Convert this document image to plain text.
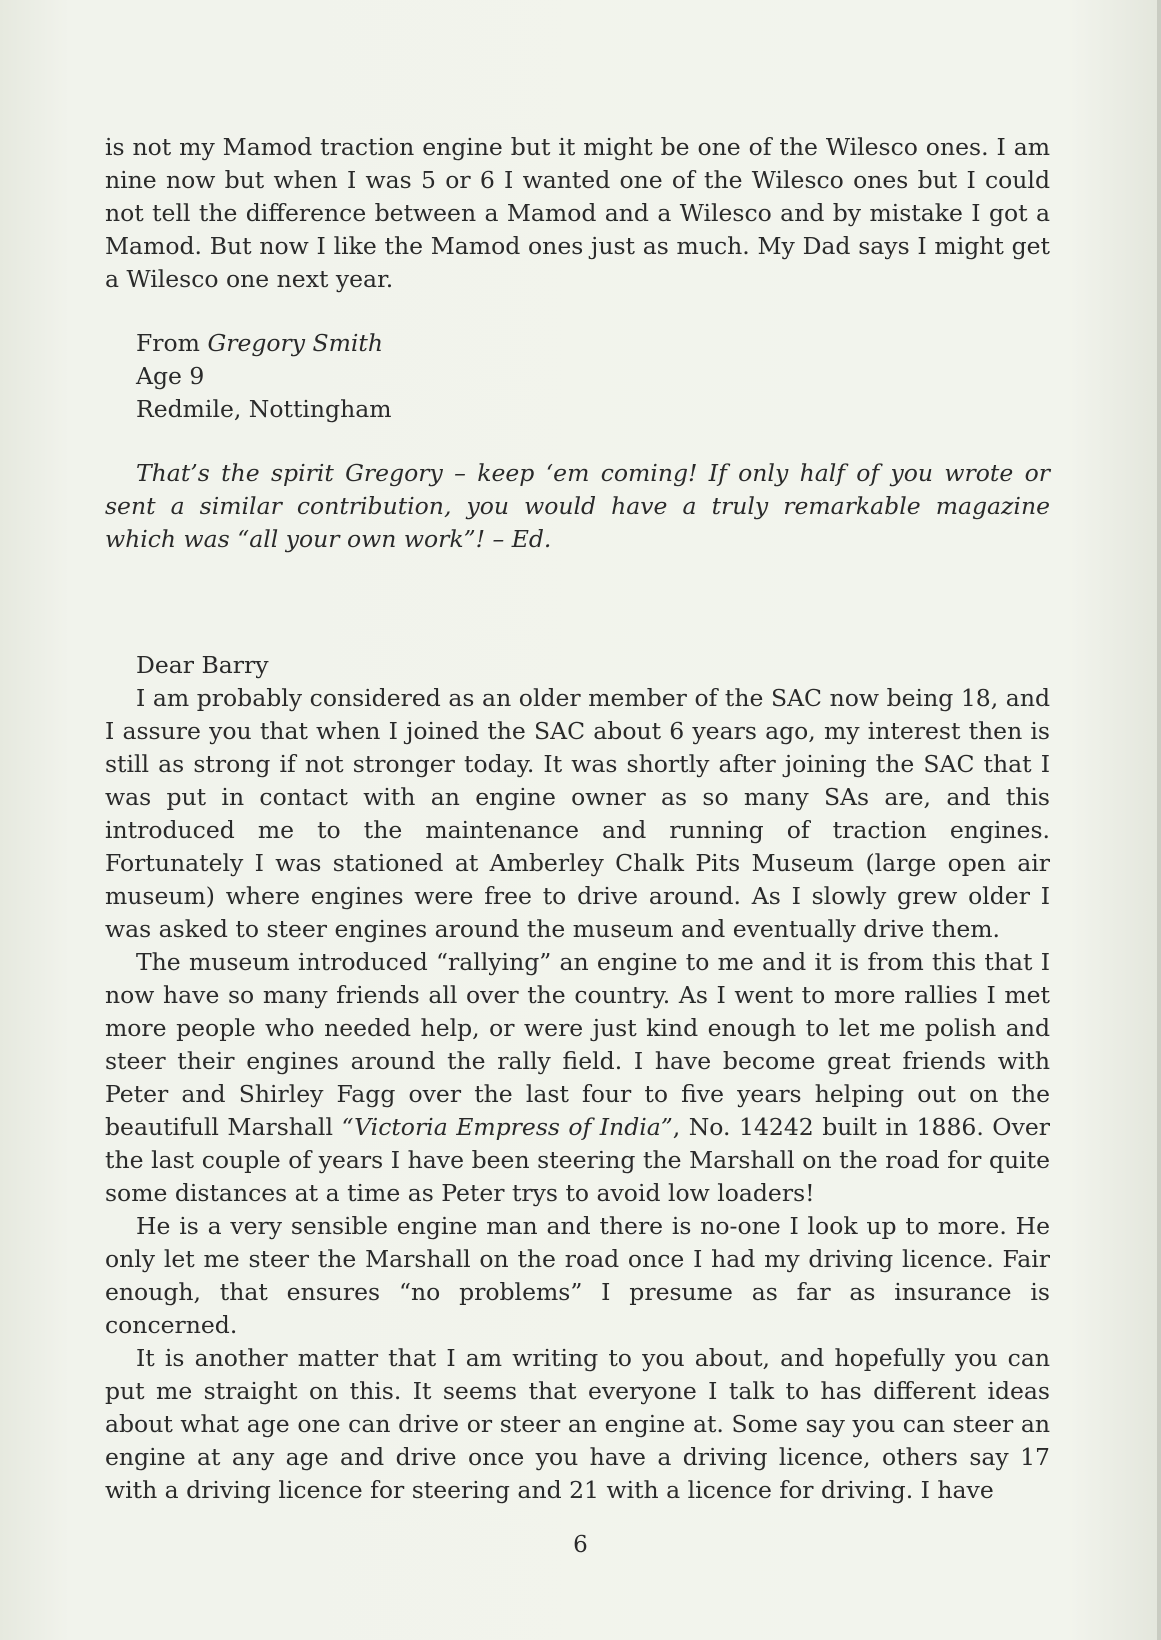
is not my Mamod traction engine but it might be one of the Wilesco ones. I am nine now but when I was 5 or 6 I wanted one of the Wilesco ones but I could not tell the difference between a Mamod and a Wilesco and by mistake I got a Mamod. But now I like the Mamod ones just as much. My Dad says I might get a Wilesco one next year.

From Gregory Smith
Age 9
Redmile, Nottingham

That’s the spirit Gregory – keep ‘em coming! If only half of you wrote or sent a similar contribution, you would have a truly remarkable magazine which was “all your own work”! – Ed.

Dear Barry

I am probably considered as an older member of the SAC now being 18, and I assure you that when I joined the SAC about 6 years ago, my interest then is still as strong if not stronger today. It was shortly after joining the SAC that I was put in contact with an engine owner as so many SAs are, and this introduced me to the maintenance and running of traction engines. Fortunately I was stationed at Amberley Chalk Pits Museum (large open air museum) where engines were free to drive around. As I slowly grew older I was asked to steer engines around the museum and eventually drive them.

The museum introduced “rallying” an engine to me and it is from this that I now have so many friends all over the country. As I went to more rallies I met more people who needed help, or were just kind enough to let me polish and steer their engines around the rally field. I have become great friends with Peter and Shirley Fagg over the last four to five years helping out on the beautifull Marshall “Victoria Empress of India”, No. 14242 built in 1886. Over the last couple of years I have been steering the Marshall on the road for quite some distances at a time as Peter trys to avoid low loaders!

He is a very sensible engine man and there is no-one I look up to more. He only let me steer the Marshall on the road once I had my driving licence. Fair enough, that ensures “no problems” I presume as far as insurance is concerned.

It is another matter that I am writing to you about, and hopefully you can put me straight on this. It seems that everyone I talk to has different ideas about what age one can drive or steer an engine at. Some say you can steer an engine at any age and drive once you have a driving licence, others say 17 with a driving licence for steering and 21 with a licence for driving. I have

6
